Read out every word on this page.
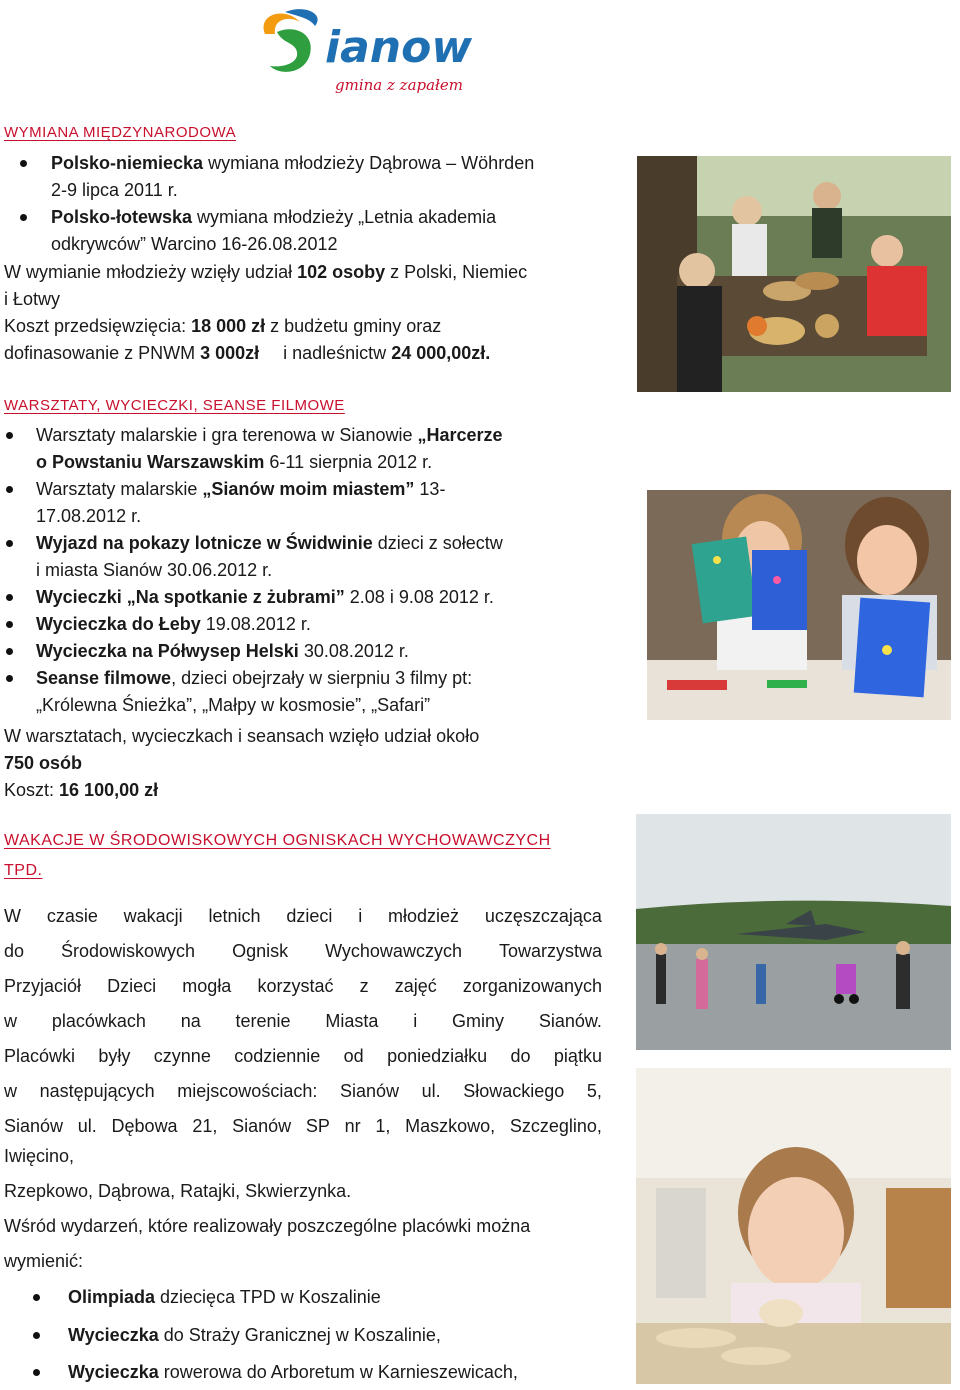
ianow
gmina z zapałem
WYMIANA MIĘDZYNARODOWA
Polsko-niemiecka wymiana młodzieży Dąbrowa – Wöhrden
2-9 lipca 2011 r.
Polsko-łotewska wymiana młodzieży „Letnia akademia
odkrywców” Warcino 16-26.08.2012
W wymianie młodzieży wzięły udział 102 osoby z Polski, Niemiec
i Łotwy
Koszt przedsięwzięcia: 18 000 zł z budżetu gminy oraz
dofinasowanie z PNWM 3 000zł i nadleśnictw 24 000,00zł.
WARSZTATY, WYCIECZKI, SEANSE FILMOWE
Warsztaty malarskie i gra terenowa w Sianowie „Harcerze
o Powstaniu Warszawskim 6-11 sierpnia 2012 r.
Warsztaty malarskie „Sianów moim miastem” 13-
17.08.2012 r.
Wyjazd na pokazy lotnicze w Świdwinie dzieci z sołectw
i miasta Sianów 30.06.2012 r.
Wycieczki „Na spotkanie z żubrami” 2.08 i 9.08 2012 r.
Wycieczka do Łeby 19.08.2012 r.
Wycieczka na Półwysep Helski 30.08.2012 r.
Seanse filmowe, dzieci obejrzały w sierpniu 3 filmy pt:
„Królewna Śnieżka”, „Małpy w kosmosie”, „Safari”
W warsztatach, wycieczkach i seansach wzięło udział około
750 osób
Koszt: 16 100,00 zł
WAKACJE W ŚRODOWISKOWYCH OGNISKACH WYCHOWAWCZYCH
TPD.
W czasie wakacji letnich dzieci i młodzież uczęszczająca
do Środowiskowych Ognisk Wychowawczych Towarzystwa
Przyjaciół Dzieci mogła korzystać z zajęć zorganizowanych
w placówkach na terenie Miasta i Gminy Sianów.
Placówki były czynne codziennie od poniedziałku do piątku
w następujących miejscowościach: Sianów ul. Słowackiego 5,
Sianów ul. Dębowa 21, Sianów SP nr 1, Maszkowo, Szczeglino,
Iwięcino,
Rzepkowo, Dąbrowa, Ratajki, Skwierzynka.
Wśród wydarzeń, które realizowały poszczególne placówki można
wymienić:
Olimpiada dziecięca TPD w Koszalinie
Wycieczka do Straży Granicznej w Koszalinie,
Wycieczka rowerowa do Arboretum w Karnieszewicach,
